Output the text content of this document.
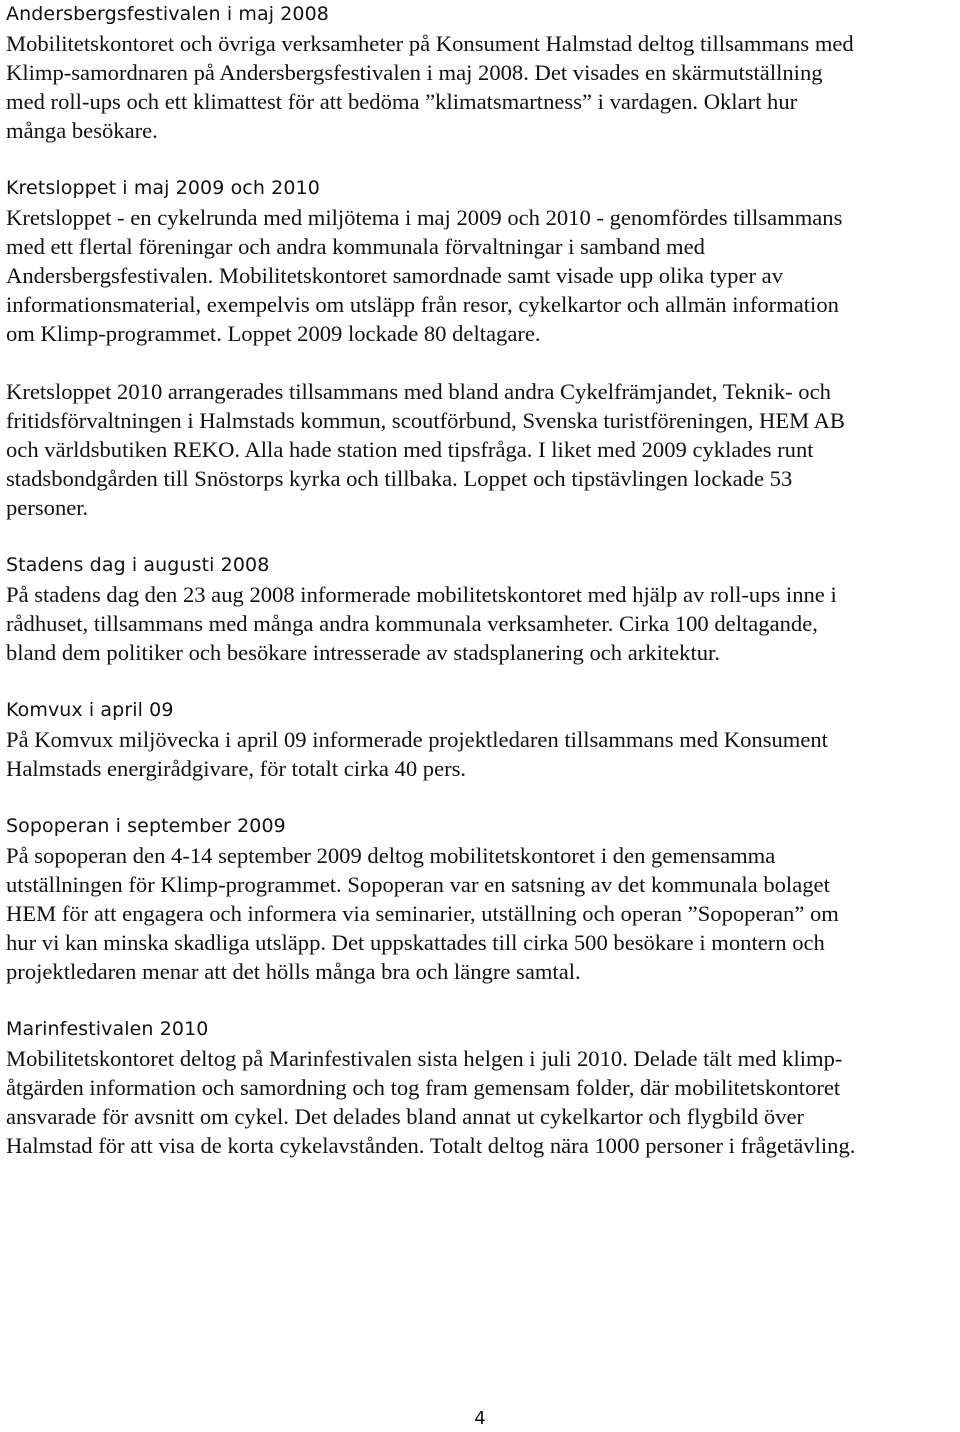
Andersbergsfestivalen i maj 2008
Mobilitetskontoret och övriga verksamheter på Konsument Halmstad deltog tillsammans med
Klimp-samordnaren på Andersbergsfestivalen i maj 2008. Det visades en skärmutställning
med roll-ups och ett klimattest för att bedöma ”klimatsmartness” i vardagen. Oklart hur
många besökare.
Kretsloppet i maj 2009 och 2010
Kretsloppet - en cykelrunda med miljötema i maj 2009 och 2010 - genomfördes tillsammans
med ett flertal föreningar och andra kommunala förvaltningar i samband med
Andersbergsfestivalen. Mobilitetskontoret samordnade samt visade upp olika typer av
informationsmaterial, exempelvis om utsläpp från resor, cykelkartor och allmän information
om Klimp-programmet. Loppet 2009 lockade 80 deltagare.
Kretsloppet 2010 arrangerades tillsammans med bland andra Cykelfrämjandet, Teknik- och
fritidsförvaltningen i Halmstads kommun, scoutförbund, Svenska turistföreningen, HEM AB
och världsbutiken REKO. Alla hade station med tipsfråga. I liket med 2009 cyklades runt
stadsbondgården till Snöstorps kyrka och tillbaka. Loppet och tipstävlingen lockade 53
personer.
Stadens dag i augusti 2008
På stadens dag den 23 aug 2008 informerade mobilitetskontoret med hjälp av roll-ups inne i
rådhuset, tillsammans med många andra kommunala verksamheter. Cirka 100 deltagande,
bland dem politiker och besökare intresserade av stadsplanering och arkitektur.
Komvux i april 09
På Komvux miljövecka i april 09 informerade projektledaren tillsammans med Konsument
Halmstads energirådgivare, för totalt cirka 40 pers.
Sopoperan i september 2009
På sopoperan den 4-14 september 2009 deltog mobilitetskontoret i den gemensamma
utställningen för Klimp-programmet. Sopoperan var en satsning av det kommunala bolaget
HEM för att engagera och informera via seminarier, utställning och operan ”Sopoperan” om
hur vi kan minska skadliga utsläpp. Det uppskattades till cirka 500 besökare i montern och
projektledaren menar att det hölls många bra och längre samtal.
Marinfestivalen 2010
Mobilitetskontoret deltog på Marinfestivalen sista helgen i juli 2010. Delade tält med klimp-
åtgärden information och samordning och tog fram gemensam folder, där mobilitetskontoret
ansvarade för avsnitt om cykel. Det delades bland annat ut cykelkartor och flygbild över
Halmstad för att visa de korta cykelavstånden. Totalt deltog nära 1000 personer i frågetävling.
4
